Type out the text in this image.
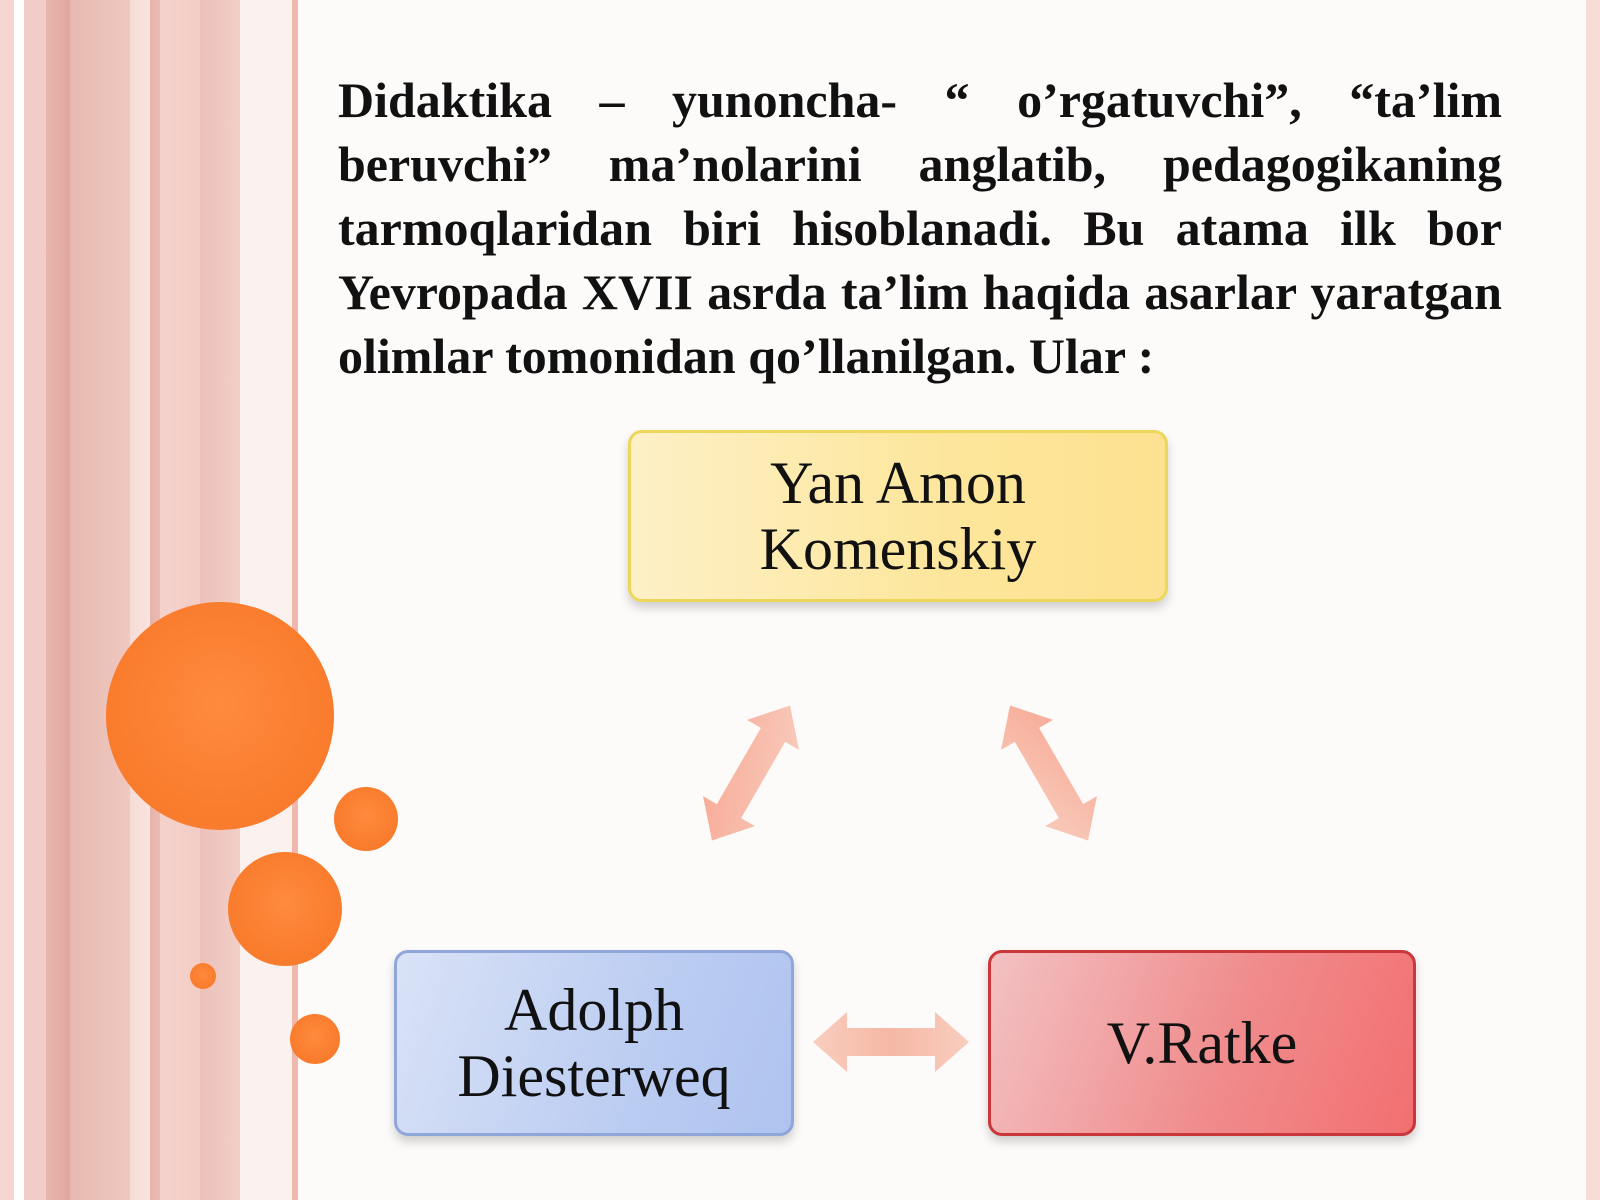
Didaktika – yunoncha- “ o’rgatuvchi”, “ta’lim beruvchi” ma’nolarini anglatib, pedagogikaning tarmoqlaridan biri hisoblanadi. Bu atama ilk bor Yevropada XVII asrda ta’lim haqida asarlar yaratgan olimlar tomonidan qo’llanilgan. Ular :

Yan Amon Komenskiy
Adolph Diesterweq	V.Ratke
